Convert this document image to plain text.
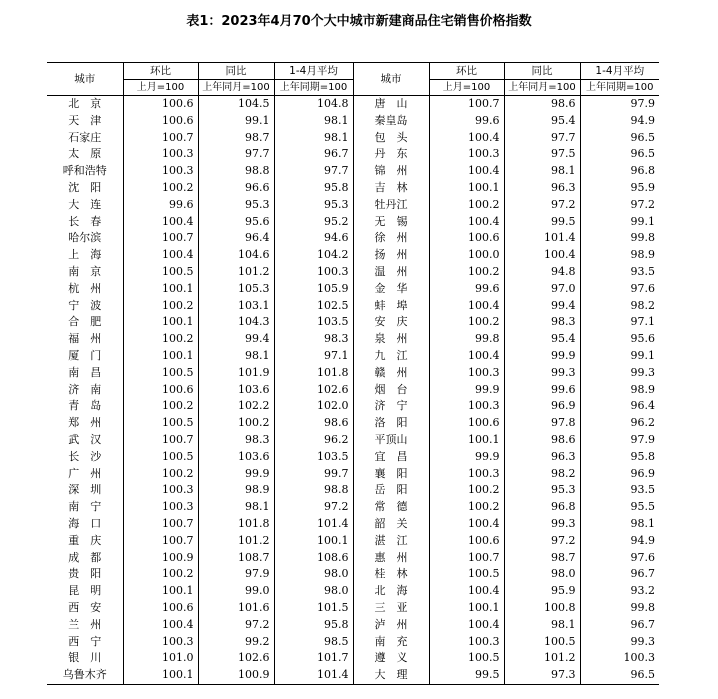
表1：2023年4月70个大中城市新建商品住宅销售价格指数
城市	环比	同比	1-4月平均	城市	环比	同比	1-4月平均
	上月=100	上年同月=100	上年同期=100		上月=100	上年同月=100	上年同期=100
北　京	100.6	104.5	104.8	唐　山	100.7	98.6	97.9
天　津	100.6	99.1	98.1	秦皇岛	99.6	95.4	94.9
石家庄	100.7	98.7	98.1	包　头	100.4	97.7	96.5
太　原	100.3	97.7	96.7	丹　东	100.3	97.5	96.5
呼和浩特	100.3	98.8	97.7	锦　州	100.4	98.1	96.8
沈　阳	100.2	96.6	95.8	吉　林	100.1	96.3	95.9
大　连	99.6	95.3	95.3	牡丹江	100.2	97.2	97.2
长　春	100.4	95.6	95.2	无　锡	100.4	99.5	99.1
哈尔滨	100.7	96.4	94.6	徐　州	100.6	101.4	99.8
上　海	100.4	104.6	104.2	扬　州	100.0	100.4	98.9
南　京	100.5	101.2	100.3	温　州	100.2	94.8	93.5
杭　州	100.1	105.3	105.9	金　华	99.6	97.0	97.6
宁　波	100.2	103.1	102.5	蚌　埠	100.4	99.4	98.2
合　肥	100.1	104.3	103.5	安　庆	100.2	98.3	97.1
福　州	100.2	99.4	98.3	泉　州	99.8	95.4	95.6
厦　门	100.1	98.1	97.1	九　江	100.4	99.9	99.1
南　昌	100.5	101.9	101.8	赣　州	100.3	99.3	99.3
济　南	100.6	103.6	102.6	烟　台	99.9	99.6	98.9
青　岛	100.2	102.2	102.0	济　宁	100.3	96.9	96.4
郑　州	100.5	100.2	98.6	洛　阳	100.6	97.8	96.2
武　汉	100.7	98.3	96.2	平顶山	100.1	98.6	97.9
长　沙	100.5	103.6	103.5	宜　昌	99.9	96.3	95.8
广　州	100.2	99.9	99.7	襄　阳	100.3	98.2	96.9
深　圳	100.3	98.9	98.8	岳　阳	100.2	95.3	93.5
南　宁	100.3	98.1	97.2	常　德	100.2	96.8	95.5
海　口	100.7	101.8	101.4	韶　关	100.4	99.3	98.1
重　庆	100.7	101.2	100.1	湛　江	100.6	97.2	94.9
成　都	100.9	108.7	108.6	惠　州	100.7	98.7	97.6
贵　阳	100.2	97.9	98.0	桂　林	100.5	98.0	96.7
昆　明	100.1	99.0	98.0	北　海	100.4	95.9	93.2
西　安	100.6	101.6	101.5	三　亚	100.1	100.8	99.8
兰　州	100.4	97.2	95.8	泸　州	100.4	98.1	96.7
西　宁	100.3	99.2	98.5	南　充	100.3	100.5	99.3
银　川	101.0	102.6	101.7	遵　义	100.5	101.2	100.3
乌鲁木齐	100.1	100.9	101.4	大　理	99.5	97.3	96.5
